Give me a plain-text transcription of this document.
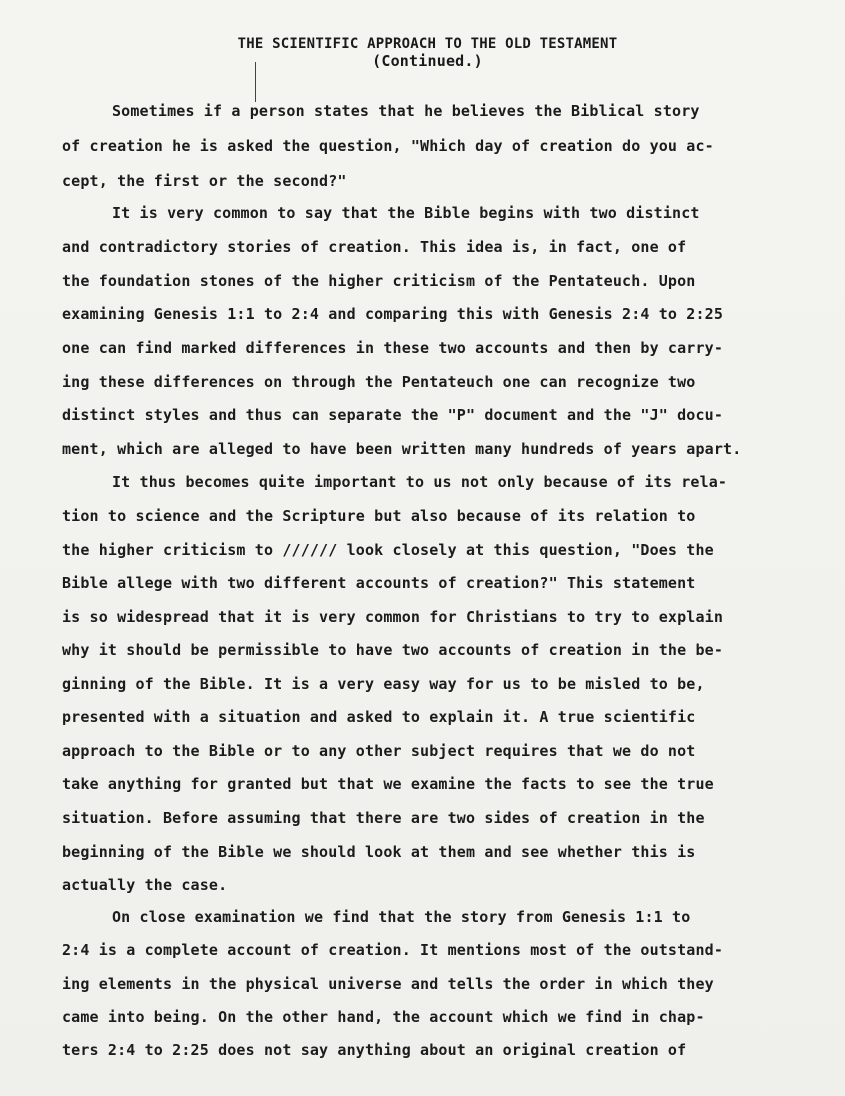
THE SCIENTIFIC APPROACH TO THE OLD TESTAMENT
(Continued.)
Sometimes if a person states that he believes the Biblical story
of creation he is asked the question, "Which day of creation do you ac-
cept, the first or the second?"
It is very common to say that the Bible begins with two distinct
and contradictory stories of creation. This idea is, in fact, one of
the foundation stones of the higher criticism of the Pentateuch. Upon
examining Genesis 1:1 to 2:4 and comparing this with Genesis 2:4 to 2:25
one can find marked differences in these two accounts and then by carry-
ing these differences on through the Pentateuch one can recognize two
distinct styles and thus can separate the "P" document and the "J" docu-
ment, which are alleged to have been written many hundreds of years apart.
It thus becomes quite important to us not only because of its rela-
tion to science and the Scripture but also because of its relation to
the higher criticism to ////// look closely at this question, "Does the
Bible allege with two different accounts of creation?" This statement
is so widespread that it is very common for Christians to try to explain
why it should be permissible to have two accounts of creation in the be-
ginning of the Bible. It is a very easy way for us to be misled to be,
presented with a situation and asked to explain it. A true scientific
approach to the Bible or to any other subject requires that we do not
take anything for granted but that we examine the facts to see the true
situation. Before assuming that there are two sides of creation in the
beginning of the Bible we should look at them and see whether this is
actually the case.
On close examination we find that the story from Genesis 1:1 to
2:4 is a complete account of creation. It mentions most of the outstand-
ing elements in the physical universe and tells the order in which they
came into being. On the other hand, the account which we find in chap-
ters 2:4 to 2:25 does not say anything about an original creation of
